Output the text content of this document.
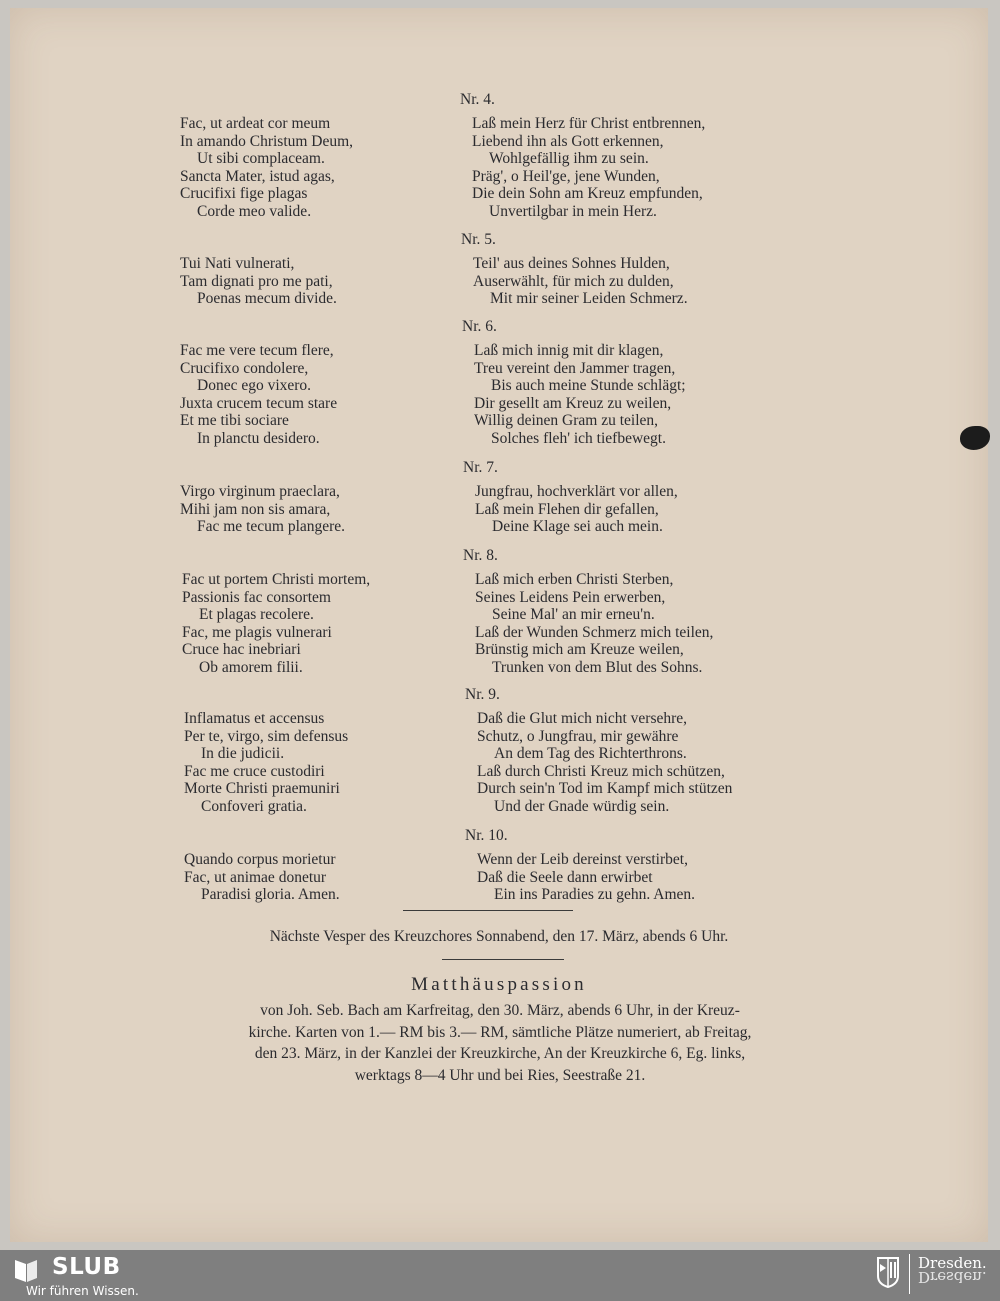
Nr. 4.
Fac, ut ardeat cor meum
In amando Christum Deum,
Ut sibi complaceam.
Sancta Mater, istud agas,
Crucifixi fige plagas
Corde meo valide.
Laß mein Herz für Christ entbrennen,
Liebend ihn als Gott erkennen,
Wohlgefällig ihm zu sein.
Präg', o Heil'ge, jene Wunden,
Die dein Sohn am Kreuz empfunden,
Unvertilgbar in mein Herz.
Nr. 5.
Tui Nati vulnerati,
Tam dignati pro me pati,
Poenas mecum divide.
Teil' aus deines Sohnes Hulden,
Auserwählt, für mich zu dulden,
Mit mir seiner Leiden Schmerz.
Nr. 6.
Fac me vere tecum flere,
Crucifixo condolere,
Donec ego vixero.
Juxta crucem tecum stare
Et me tibi sociare
In planctu desidero.
Laß mich innig mit dir klagen,
Treu vereint den Jammer tragen,
Bis auch meine Stunde schlägt;
Dir gesellt am Kreuz zu weilen,
Willig deinen Gram zu teilen,
Solches fleh' ich tiefbewegt.
Nr. 7.
Virgo virginum praeclara,
Mihi jam non sis amara,
Fac me tecum plangere.
Jungfrau, hochverklärt vor allen,
Laß mein Flehen dir gefallen,
Deine Klage sei auch mein.
Nr. 8.
Fac ut portem Christi mortem,
Passionis fac consortem
Et plagas recolere.
Fac, me plagis vulnerari
Cruce hac inebriari
Ob amorem filii.
Laß mich erben Christi Sterben,
Seines Leidens Pein erwerben,
Seine Mal' an mir erneu'n.
Laß der Wunden Schmerz mich teilen,
Brünstig mich am Kreuze weilen,
Trunken von dem Blut des Sohns.
Nr. 9.
Inflamatus et accensus
Per te, virgo, sim defensus
In die judicii.
Fac me cruce custodiri
Morte Christi praemuniri
Confoveri gratia.
Daß die Glut mich nicht versehre,
Schutz, o Jungfrau, mir gewähre
An dem Tag des Richterthrons.
Laß durch Christi Kreuz mich schützen,
Durch sein'n Tod im Kampf mich stützen
Und der Gnade würdig sein.
Nr. 10.
Quando corpus morietur
Fac, ut animae donetur
Paradisi gloria. Amen.
Wenn der Leib dereinst verstirbet,
Daß die Seele dann erwirbet
Ein ins Paradies zu gehn. Amen.
Nächste Vesper des Kreuzchores Sonnabend, den 17. März, abends 6 Uhr.
Matthäuspassion
von Joh. Seb. Bach am Karfreitag, den 30. März, abends 6 Uhr, in der Kreuz-
kirche. Karten von 1.— RM bis 3.— RM, sämtliche Plätze numeriert, ab Freitag,
den 23. März, in der Kanzlei der Kreuzkirche, An der Kreuzkirche 6, Eg. links,
werktags 8—4 Uhr und bei Ries, Seestraße 21.
SLUB
Wir führen Wissen.
Dresden.
Dresden.
